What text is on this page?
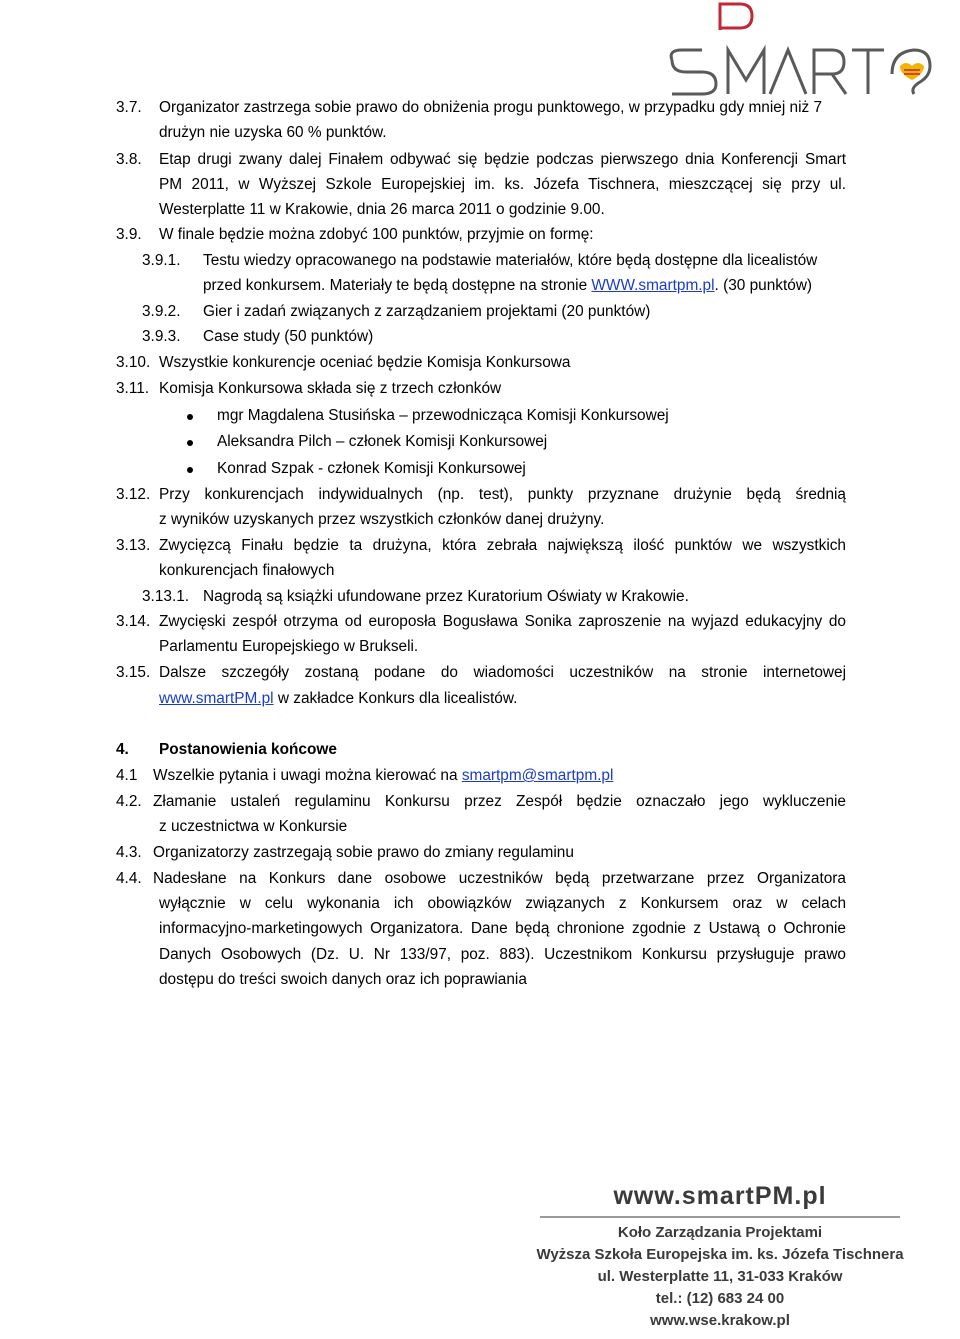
3.7. Organizator zastrzega sobie prawo do obniżenia progu punktowego, w przypadku gdy mniej niż 7
drużyn nie uzyska 60 % punktów.
3.8. Etap drugi zwany dalej Finałem odbywać się będzie podczas pierwszego dnia Konferencji Smart
PM 2011, w Wyższej Szkole Europejskiej im. ks. Józefa Tischnera, mieszczącej się przy ul.
Westerplatte 11 w Krakowie, dnia 26 marca 2011 o godzinie 9.00.
3.9. W finale będzie można zdobyć 100 punktów, przyjmie on formę:
3.9.1. Testu wiedzy opracowanego na podstawie materiałów, które będą dostępne dla licealistów
przed konkursem. Materiały te będą dostępne na stronie WWW.smartpm.pl. (30 punktów)
3.9.2. Gier i zadań związanych z zarządzaniem projektami (20 punktów)
3.9.3. Case study (50 punktów)
3.10. Wszystkie konkurencje oceniać będzie Komisja Konkursowa
3.11. Komisja Konkursowa składa się z trzech członków
mgr Magdalena Stusińska – przewodnicząca Komisji Konkursowej
Aleksandra Pilch – członek Komisji Konkursowej
Konrad Szpak - członek Komisji Konkursowej
3.12. Przy konkurencjach indywidualnych (np. test), punkty przyznane drużynie będą średnią
z wyników uzyskanych przez wszystkich członków danej drużyny.
3.13. Zwycięzcą Finału będzie ta drużyna, która zebrała największą ilość punktów we wszystkich
konkurencjach finałowych
3.13.1. Nagrodą są książki ufundowane przez Kuratorium Oświaty w Krakowie.
3.14. Zwycięski zespół otrzyma od europosła Bogusława Sonika zaproszenie na wyjazd edukacyjny do
Parlamentu Europejskiego w Brukseli.
3.15. Dalsze szczegóły zostaną podane do wiadomości uczestników na stronie internetowej
www.smartPM.pl w zakładce Konkurs dla licealistów.
4. Postanowienia końcowe
4.1 Wszelkie pytania i uwagi można kierować na smartpm@smartpm.pl
4.2. Złamanie ustaleń regulaminu Konkursu przez Zespół będzie oznaczało jego wykluczenie
z uczestnictwa w Konkursie
4.3. Organizatorzy zastrzegają sobie prawo do zmiany regulaminu
4.4. Nadesłane na Konkurs dane osobowe uczestników będą przetwarzane przez Organizatora
wyłącznie w celu wykonania ich obowiązków związanych z Konkursem oraz w celach
informacyjno-marketingowych Organizatora. Dane będą chronione zgodnie z Ustawą o Ochronie
Danych Osobowych (Dz. U. Nr 133/97, poz. 883). Uczestnikom Konkursu przysługuje prawo
dostępu do treści swoich danych oraz ich poprawiania
www.smartPM.pl
Koło Zarządzania Projektami
Wyższa Szkoła Europejska im. ks. Józefa Tischnera
ul. Westerplatte 11, 31-033 Kraków
tel.: (12) 683 24 00
www.wse.krakow.pl
